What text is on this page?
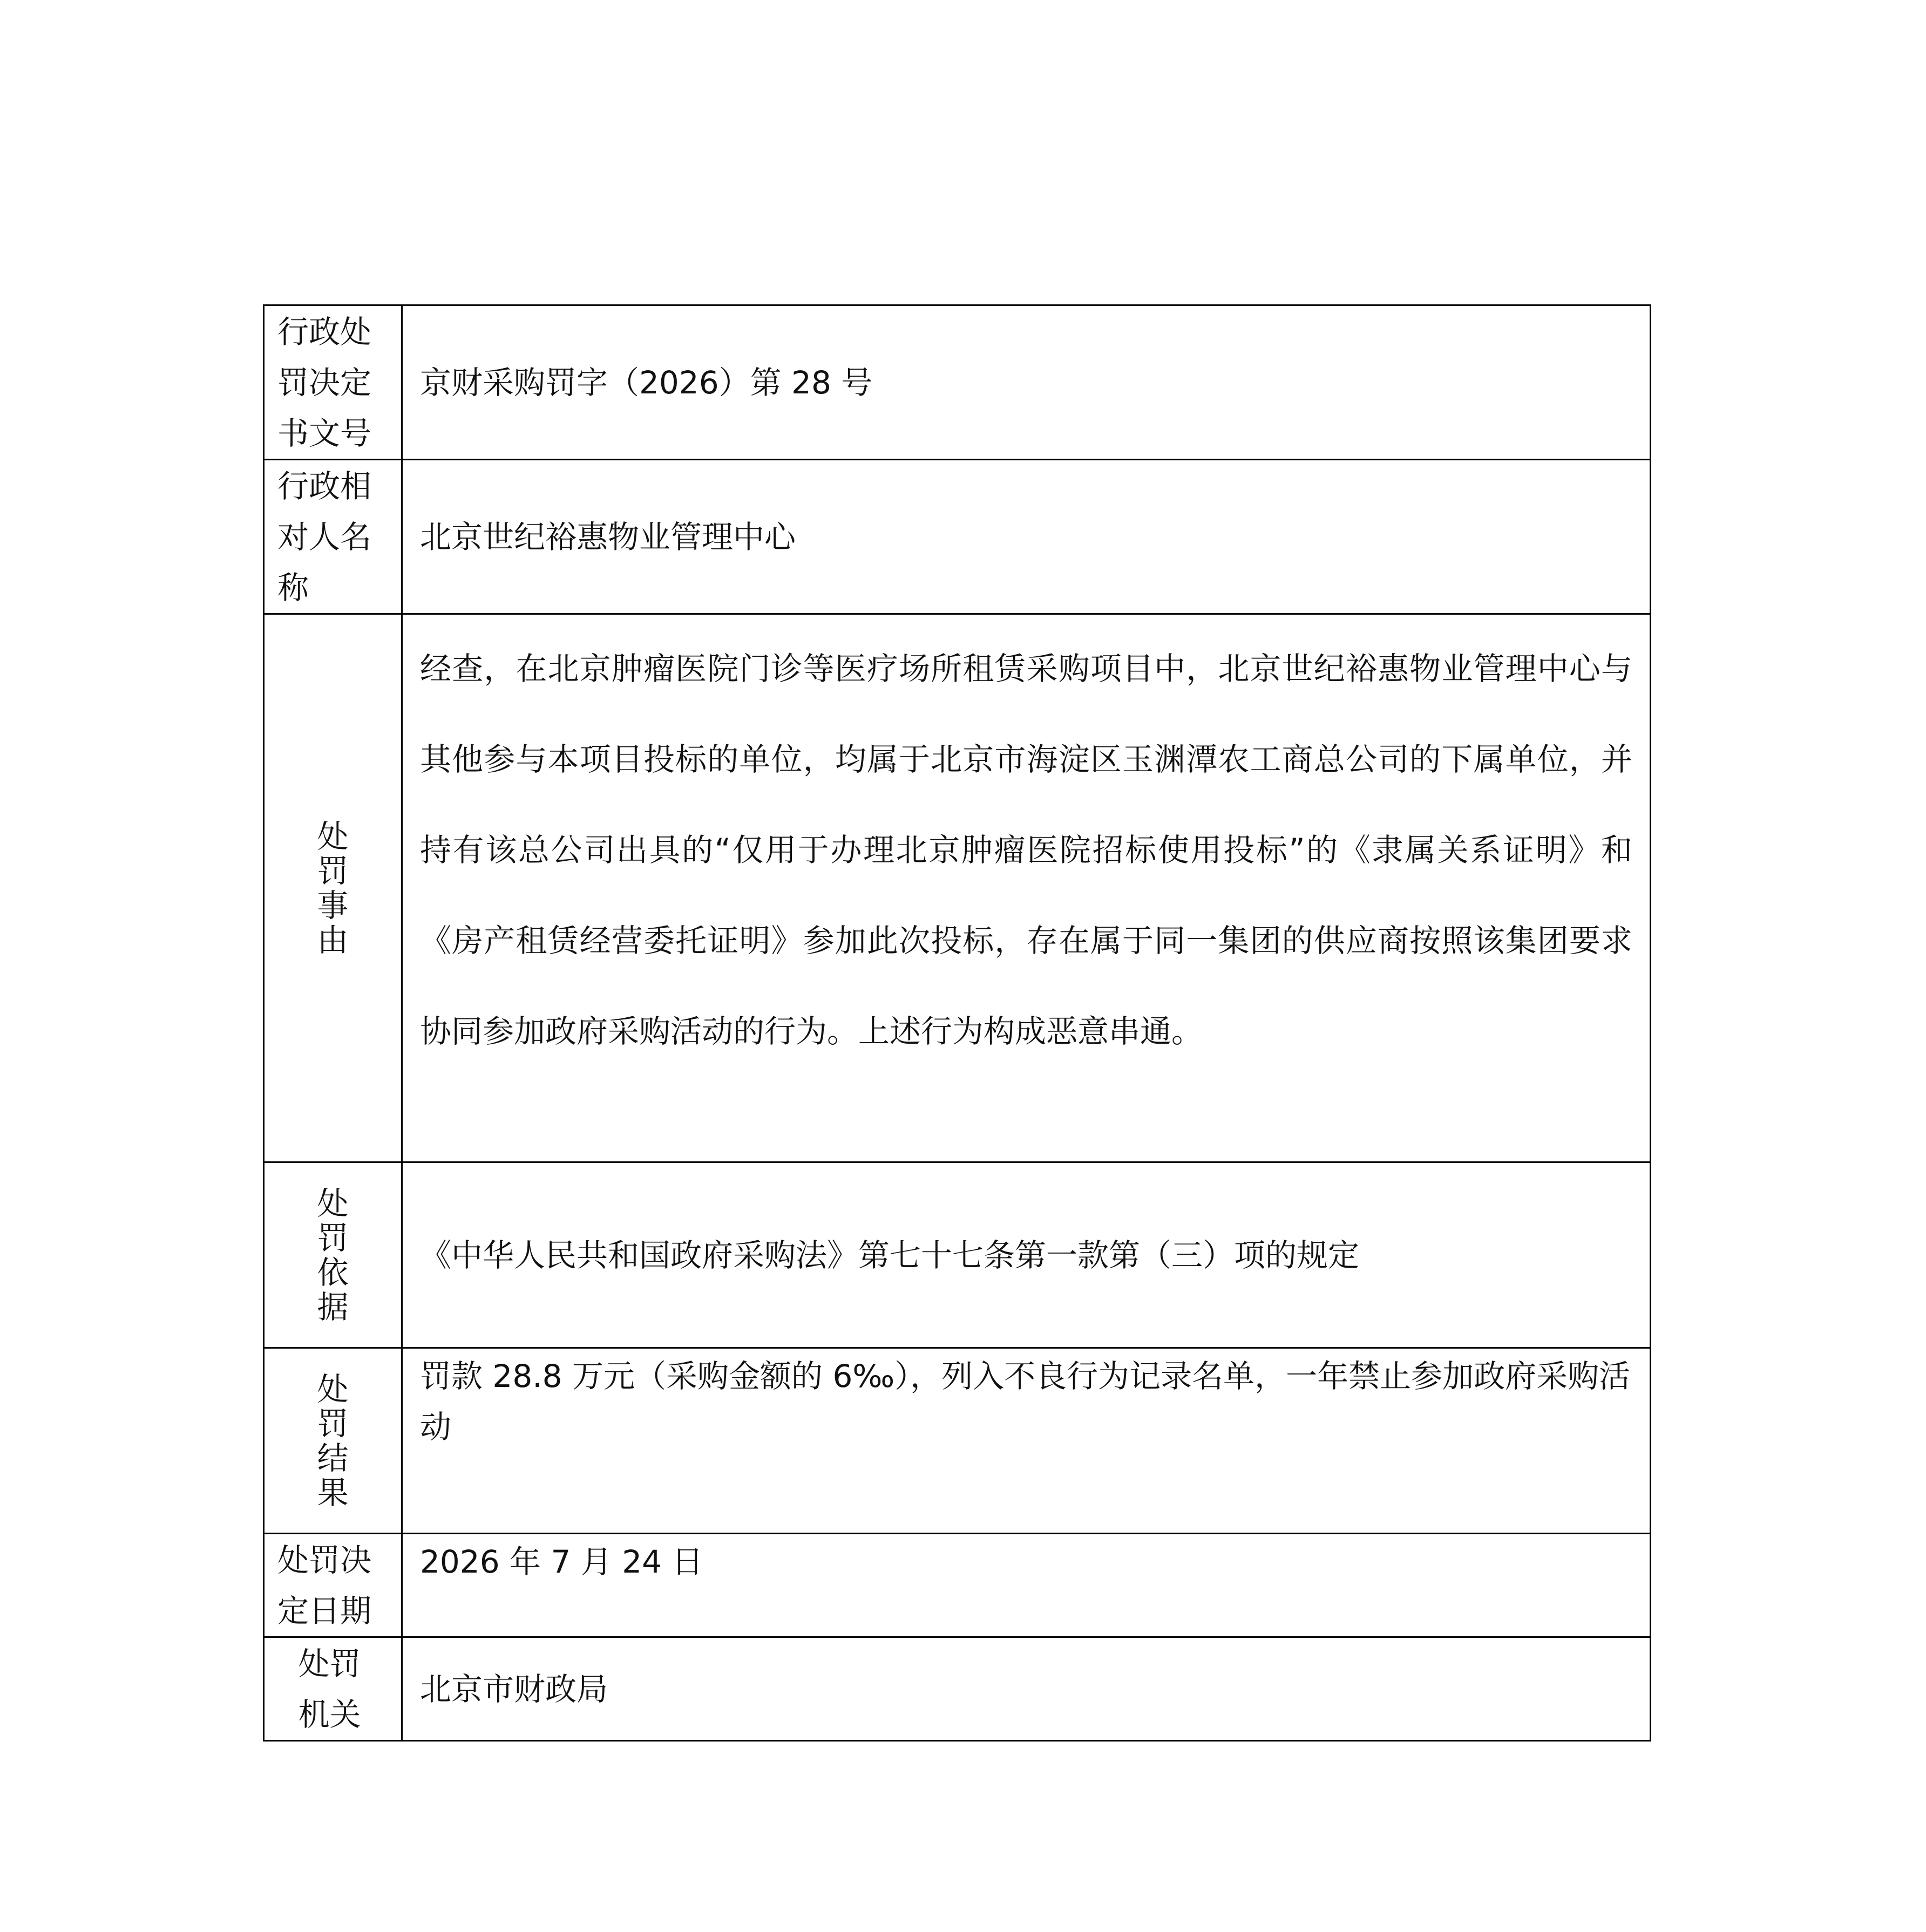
行政处罚决定书文号	京财采购罚字（2026）第 28 号

行政相对人名称	北京世纪裕惠物业管理中心

处罚事由	经查，在北京肿瘤医院门诊等医疗场所租赁采购项目中，北京世纪裕惠物业管理中心与其他参与本项目投标的单位，均属于北京市海淀区玉渊潭农工商总公司的下属单位，并持有该总公司出具的“仅用于办理北京肿瘤医院招标使用投标”的《隶属关系证明》和《房产租赁经营委托证明》参加此次投标，存在属于同一集团的供应商按照该集团要求协同参加政府采购活动的行为。上述行为构成恶意串通。

处罚依据	《中华人民共和国政府采购法》第七十七条第一款第（三）项的规定

处罚结果	罚款 28.8 万元（采购金额的 6‰），列入不良行为记录名单，一年禁止参加政府采购活动

处罚决定日期	2026 年 7 月 24 日

处罚机关	北京市财政局
